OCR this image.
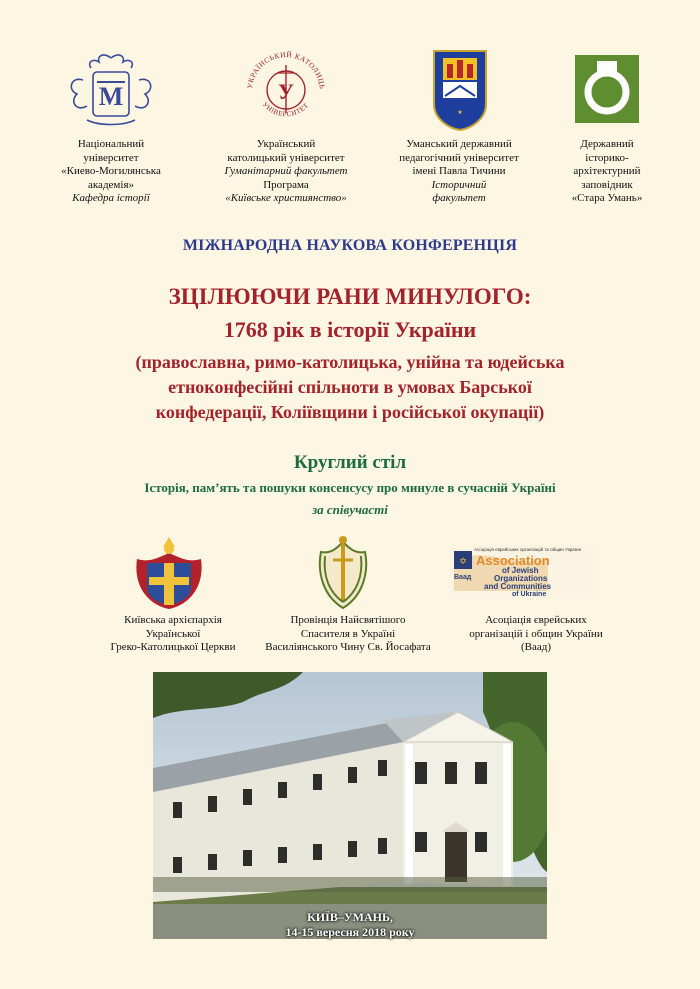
М	УКРАЇНСЬКИЙ КАТОЛИЦЬ
УНІВЕРСИТЕТ
У
★
Національний
університет
«Киево-Могилянська
академія»
Кафедра історії
Український
католицький університет
Гуманітарний факультет
Програма
«Київське християнство»
Уманський державний
педагогічний університет
імені Павла Тичини
Історичний
факультет
Державний
історико-
архітектурний
заповідник
«Стара Умань»
МІЖНАРОДНА НАУКОВА КОНФЕРЕНЦІЯ
ЗЦІЛЮЮЧИ РАНИ МИНУЛОГО:
1768 рік в історії України
(православна, римо-католицька, унійна та юдейська
етноконфесійні спільноти в умовах Барської
конфедерації, Коліївщини і російської окупації)
Круглий стіл
Історія, пам’ять та пошуки консенсусу про минуле в сучасній Україні
за співучасті
✡
Асоціація єврейських організацій та общин України
Association
of Jewish
Organizations
and Communities
of Ukraine
Ваад
Київська архієпархія
Української
Греко-Католицької Церкви
Провінція Найсвятішого
Спасителя в Україні
Василіянського Чину Св. Йосафата
Асоціація єврейських
організацій і общин України
(Ваад)
КИЇВ–УМАНЬ,
14-15 вересня 2018 року
